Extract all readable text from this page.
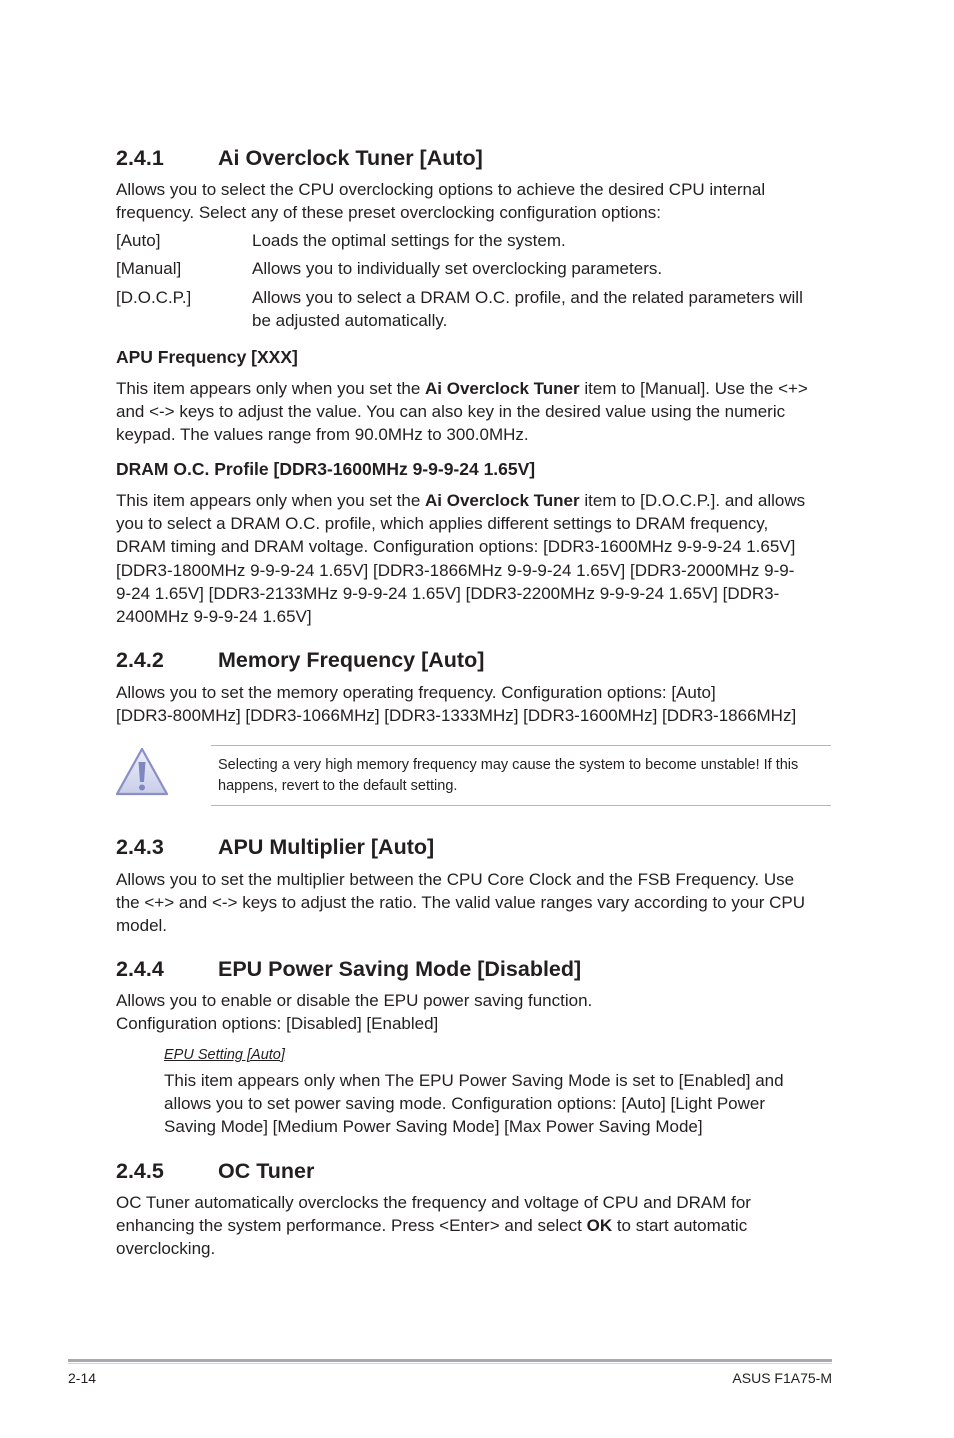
2.4.1	Ai Overclock Tuner [Auto]
Allows you to select the CPU overclocking options to achieve the desired CPU internal
frequency. Select any of these preset overclocking configuration options:
[Auto]	Loads the optimal settings for the system.
[Manual]	Allows you to individually set overclocking parameters.
[D.O.C.P.]	Allows you to select a DRAM O.C. profile, and the related parameters will be adjusted automatically.
APU Frequency [XXX]
This item appears only when you set the Ai Overclock Tuner item to [Manual]. Use the <+>
and <-> keys to adjust the value. You can also key in the desired value using the numeric
keypad. The values range from 90.0MHz to 300.0MHz.
DRAM O.C. Profile [DDR3-1600MHz 9-9-9-24 1.65V]
This item appears only when you set the Ai Overclock Tuner item to [D.O.C.P.]. and allows
you to select a DRAM O.C. profile, which applies different settings to DRAM frequency,
DRAM timing and DRAM voltage. Configuration options: [DDR3-1600MHz 9-9-9-24 1.65V]
[DDR3-1800MHz 9-9-9-24 1.65V] [DDR3-1866MHz 9-9-9-24 1.65V] [DDR3-2000MHz 9-9-
9-24 1.65V] [DDR3-2133MHz 9-9-9-24 1.65V] [DDR3-2200MHz 9-9-9-24 1.65V] [DDR3-
2400MHz 9-9-9-24 1.65V]
2.4.2	Memory Frequency [Auto]
Allows you to set the memory operating frequency. Configuration options: [Auto]
[DDR3-800MHz] [DDR3-1066MHz] [DDR3-1333MHz] [DDR3-1600MHz] [DDR3-1866MHz]
Selecting a very high memory frequency may cause the system to become unstable! If this
happens, revert to the default setting.
2.4.3	APU Multiplier [Auto]
Allows you to set the multiplier between the CPU Core Clock and the FSB Frequency. Use
the <+> and <-> keys to adjust the ratio. The valid value ranges vary according to your CPU
model.
2.4.4	EPU Power Saving Mode [Disabled]
Allows you to enable or disable the EPU power saving function.
Configuration options: [Disabled] [Enabled]
EPU Setting [Auto]
This item appears only when The EPU Power Saving Mode is set to [Enabled] and
allows you to set power saving mode. Configuration options: [Auto] [Light Power
Saving Mode] [Medium Power Saving Mode] [Max Power Saving Mode]
2.4.5	OC Tuner
OC Tuner automatically overclocks the frequency and voltage of CPU and DRAM for
enhancing the system performance. Press <Enter> and select OK to start automatic
overclocking.
2-14	ASUS F1A75-M
